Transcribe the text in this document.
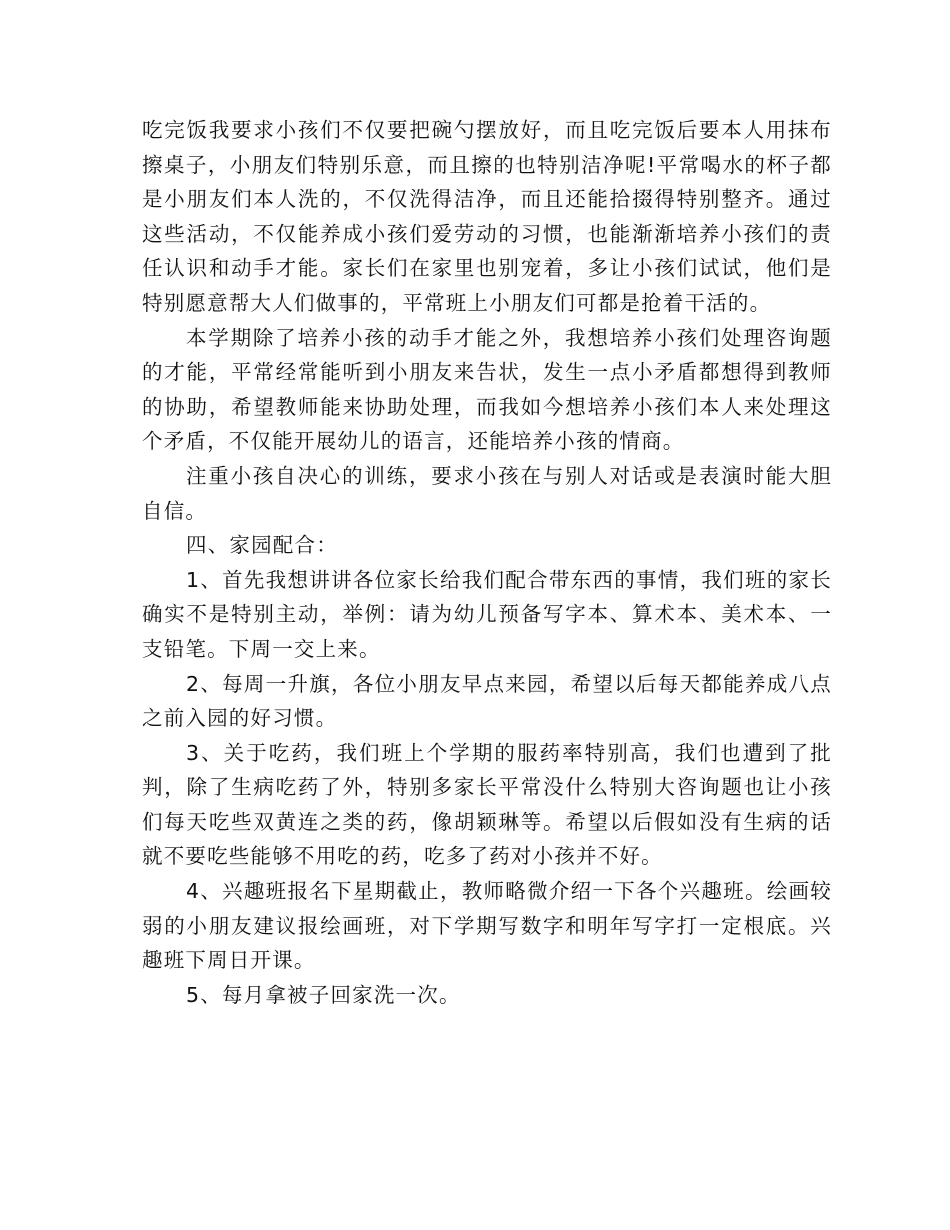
吃完饭我要求小孩们不仅要把碗勺摆放好，而且吃完饭后要本人用抹布擦桌子，小朋友们特别乐意，而且擦的也特别洁净呢!平常喝水的杯子都是小朋友们本人洗的，不仅洗得洁净，而且还能拾掇得特别整齐。通过这些活动，不仅能养成小孩们爱劳动的习惯，也能渐渐培养小孩们的责任认识和动手才能。家长们在家里也别宠着，多让小孩们试试，他们是特别愿意帮大人们做事的，平常班上小朋友们可都是抢着干活的。

本学期除了培养小孩的动手才能之外，我想培养小孩们处理咨询题的才能，平常经常能听到小朋友来告状，发生一点小矛盾都想得到教师的协助，希望教师能来协助处理，而我如今想培养小孩们本人来处理这个矛盾，不仅能开展幼儿的语言，还能培养小孩的情商。

注重小孩自决心的训练，要求小孩在与别人对话或是表演时能大胆自信。

四、家园配合：

1、首先我想讲讲各位家长给我们配合带东西的事情，我们班的家长确实不是特别主动，举例：请为幼儿预备写字本、算术本、美术本、一支铅笔。下周一交上来。

2、每周一升旗，各位小朋友早点来园，希望以后每天都能养成八点之前入园的好习惯。

3、关于吃药，我们班上个学期的服药率特别高，我们也遭到了批判，除了生病吃药了外，特别多家长平常没什么特别大咨询题也让小孩们每天吃些双黄连之类的药，像胡颖琳等。希望以后假如没有生病的话就不要吃些能够不用吃的药，吃多了药对小孩并不好。

4、兴趣班报名下星期截止，教师略微介绍一下各个兴趣班。绘画较弱的小朋友建议报绘画班，对下学期写数字和明年写字打一定根底。兴趣班下周日开课。

5、每月拿被子回家洗一次。
